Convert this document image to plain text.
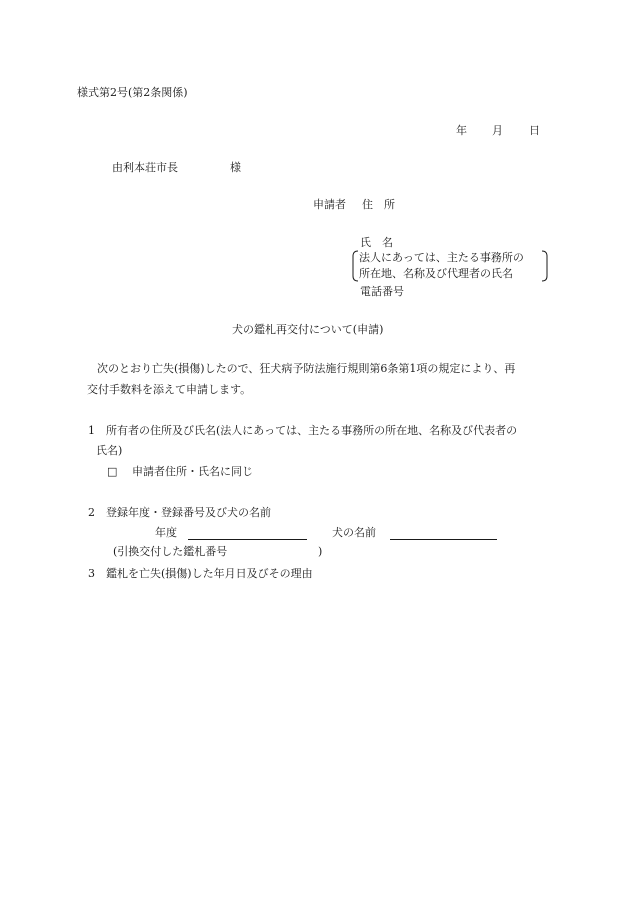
様式第2号(第2条関係)
年 月 日
由利本荘市長	様
申請者 住　所
氏　名
法人にあっては、主たる事務所の
所在地、名称及び代理者の氏名
電話番号
犬の鑑札再交付について(申請)
次のとおり亡失(損傷)したので、狂犬病予防法施行規則第6条第1項の規定により、再
交付手数料を添えて申請します。
1　所有者の住所及び氏名(法人にあっては、主たる事務所の所在地、名称及び代表者の
氏名)
□ 申請者住所・氏名に同じ
2　登録年度・登録番号及び犬の名前
年度	犬の名前
(引換交付した鑑札番号	)
3　鑑札を亡失(損傷)した年月日及びその理由
